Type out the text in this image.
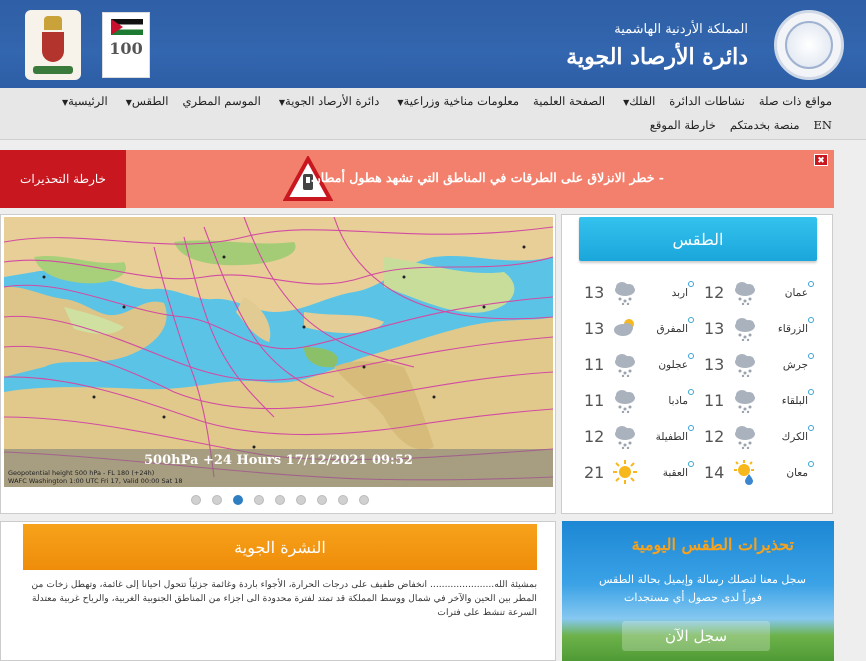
المملكة الأردنية الهاشمية
دائرة الأرصاد الجوية
100
الرئيسية▼	الطقس▼	الموسم المطري	دائرة الأرصاد الجوية▼	معلومات مناخية وزراعية▼	الصفحة العلمية	الفلك▼	نشاطات الدائرة مواقع ذات صلة
خارطة الموقع منصة بخدمتكم EN
خارطة التحذيرات	- خطر الانزلاق على الطرقات في المناطق التي تشهد هطول أمطار.
✖
500hPa +24 Hours 17/12/2021 09:52
Geopotential height 500 hPa - FL 180 (+24h)
WAFC Washington 1:00 UTC Fri 17, Valid 00:00 Sat 18
الطقس
12	عمان
13	اربد
13	الزرقاء
13	المفرق
13	جرش
11	عجلون
11	البلقاء
11	مادبا
12	الكرك
12	الطفيلة
14	معان
21	العقبة
النشرة الجوية
بمشيئة الله...................... انخفاض طفيف على درجات الحرارة، الأجواء باردة وغائمة جزئياً تتحول احيانا إلى غائمة، وتهطل زخات من المطر بين الحين والآخر في شمال ووسط المملكة قد تمتد لفترة محدودة الى اجزاء من المناطق الجنوبية الغربية، والرياح غربية معتدلة السرعة تنشط على فترات
تحذيرات الطقس اليومية
سجل معنا لتصلك رسالة وإيميل بحالة الطقس
فوراً لدى حصول أي مستجدات
سجل الآن
